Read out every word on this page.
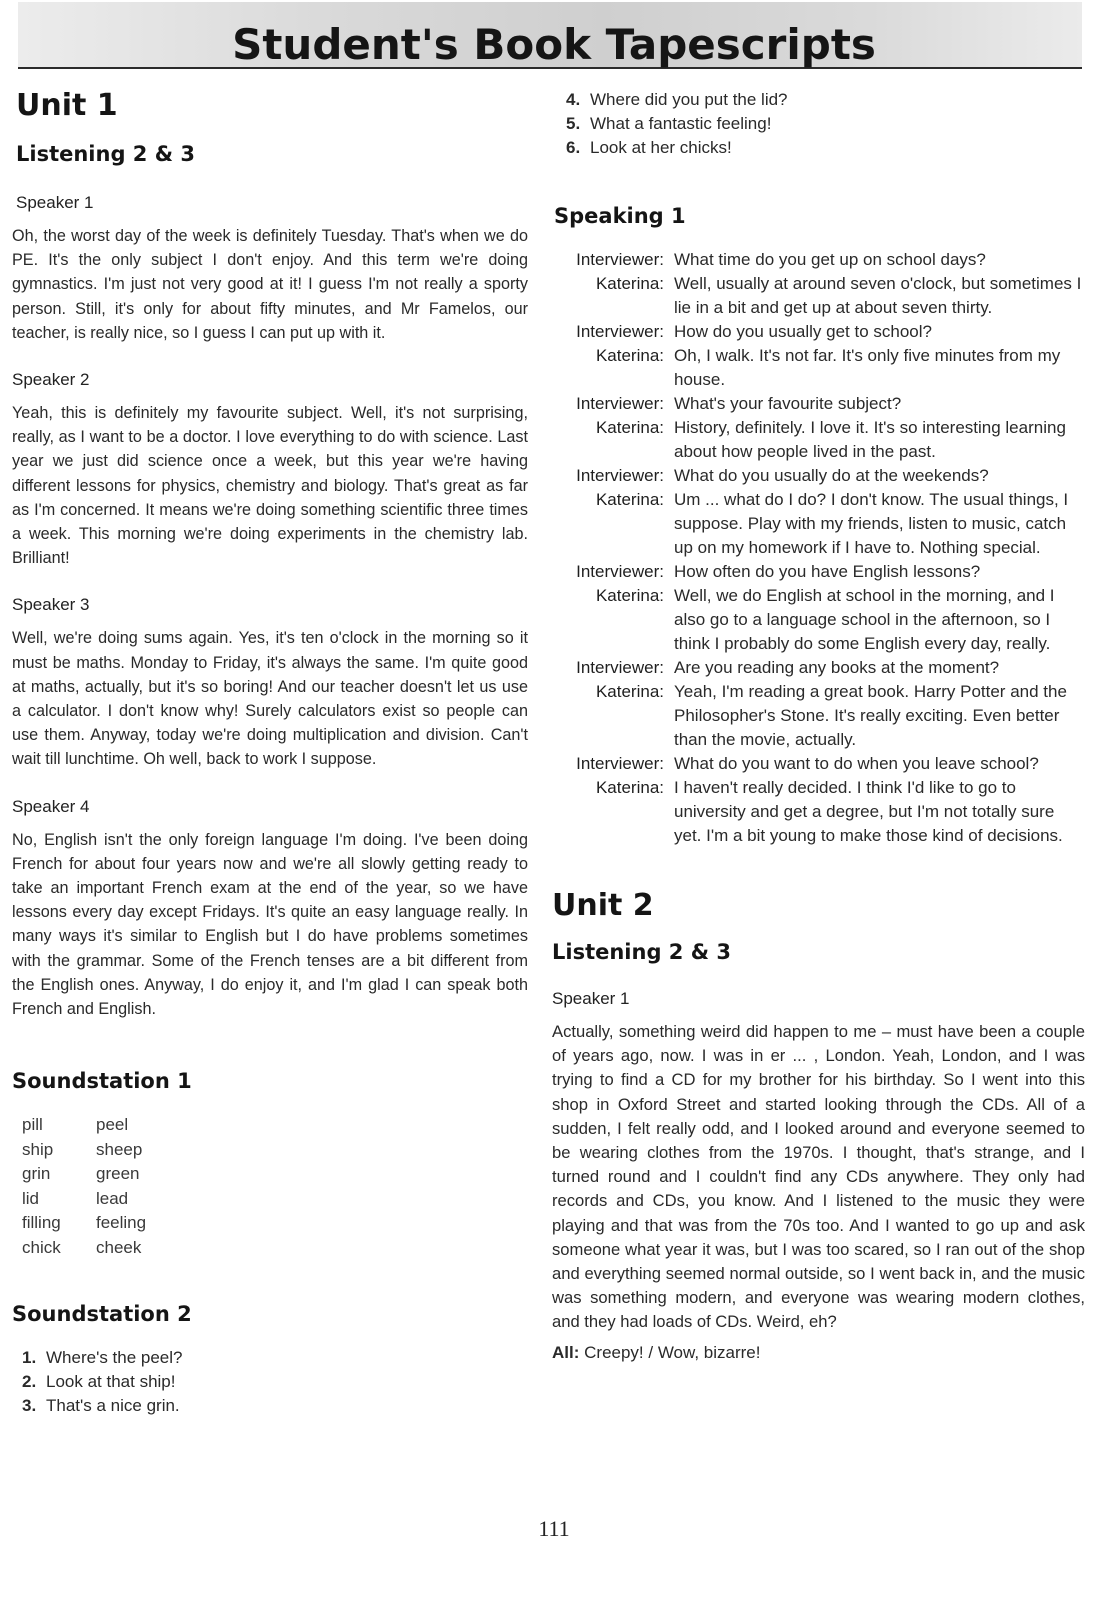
Student's Book Tapescripts
Unit 1
Listening 2 & 3
Speaker 1
Oh, the worst day of the week is definitely Tuesday. That's when we do PE. It's the only subject I don't enjoy. And this term we're doing gymnastics. I'm just not very good at it! I guess I'm not really a sporty person. Still, it's only for about fifty minutes, and Mr Famelos, our teacher, is really nice, so I guess I can put up with it.
Speaker 2
Yeah, this is definitely my favourite subject. Well, it's not surprising, really, as I want to be a doctor. I love everything to do with science. Last year we just did science once a week, but this year we're having different lessons for physics, chemistry and biology. That's great as far as I'm concerned. It means we're doing something scientific three times a week. This morning we're doing experiments in the chemistry lab. Brilliant!
Speaker 3
Well, we're doing sums again. Yes, it's ten o'clock in the morning so it must be maths. Monday to Friday, it's always the same. I'm quite good at maths, actually, but it's so boring! And our teacher doesn't let us use a calculator. I don't know why! Surely calculators exist so people can use them. Anyway, today we're doing multiplication and division. Can't wait till lunchtime. Oh well, back to work I suppose.
Speaker 4
No, English isn't the only foreign language I'm doing. I've been doing French for about four years now and we're all slowly getting ready to take an important French exam at the end of the year, so we have lessons every day except Fridays. It's quite an easy language really. In many ways it's similar to English but I do have problems sometimes with the grammar. Some of the French tenses are a bit different from the English ones. Anyway, I do enjoy it, and I'm glad I can speak both French and English.
Soundstation 1
pill	peel
ship	sheep
grin	green
lid	lead
filling	feeling
chick	cheek
Soundstation 2
1. Where's the peel?
2. Look at that ship!
3. That's a nice grin.
4. Where did you put the lid?
5. What a fantastic feeling!
6. Look at her chicks!
Speaking 1
Interviewer: What time do you get up on school days?
Katerina: Well, usually at around seven o'clock, but sometimes I lie in a bit and get up at about seven thirty.
Interviewer: How do you usually get to school?
Katerina: Oh, I walk. It's not far. It's only five minutes from my house.
Interviewer: What's your favourite subject?
Katerina: History, definitely. I love it. It's so interesting learning about how people lived in the past.
Interviewer: What do you usually do at the weekends?
Katerina: Um ... what do I do? I don't know. The usual things, I suppose. Play with my friends, listen to music, catch up on my homework if I have to. Nothing special.
Interviewer: How often do you have English lessons?
Katerina: Well, we do English at school in the morning, and I also go to a language school in the afternoon, so I think I probably do some English every day, really.
Interviewer: Are you reading any books at the moment?
Katerina: Yeah, I'm reading a great book. Harry Potter and the Philosopher's Stone. It's really exciting. Even better than the movie, actually.
Interviewer: What do you want to do when you leave school?
Katerina: I haven't really decided. I think I'd like to go to university and get a degree, but I'm not totally sure yet. I'm a bit young to make those kind of decisions.
Unit 2
Listening 2 & 3
Speaker 1
Actually, something weird did happen to me – must have been a couple of years ago, now. I was in er ... , London. Yeah, London, and I was trying to find a CD for my brother for his birthday. So I went into this shop in Oxford Street and started looking through the CDs. All of a sudden, I felt really odd, and I looked around and everyone seemed to be wearing clothes from the 1970s. I thought, that's strange, and I turned round and I couldn't find any CDs anywhere. They only had records and CDs, you know. And I listened to the music they were playing and that was from the 70s too. And I wanted to go up and ask someone what year it was, but I was too scared, so I ran out of the shop and everything seemed normal outside, so I went back in, and the music was something modern, and everyone was wearing modern clothes, and they had loads of CDs. Weird, eh?
All: Creepy! / Wow, bizarre!
111
